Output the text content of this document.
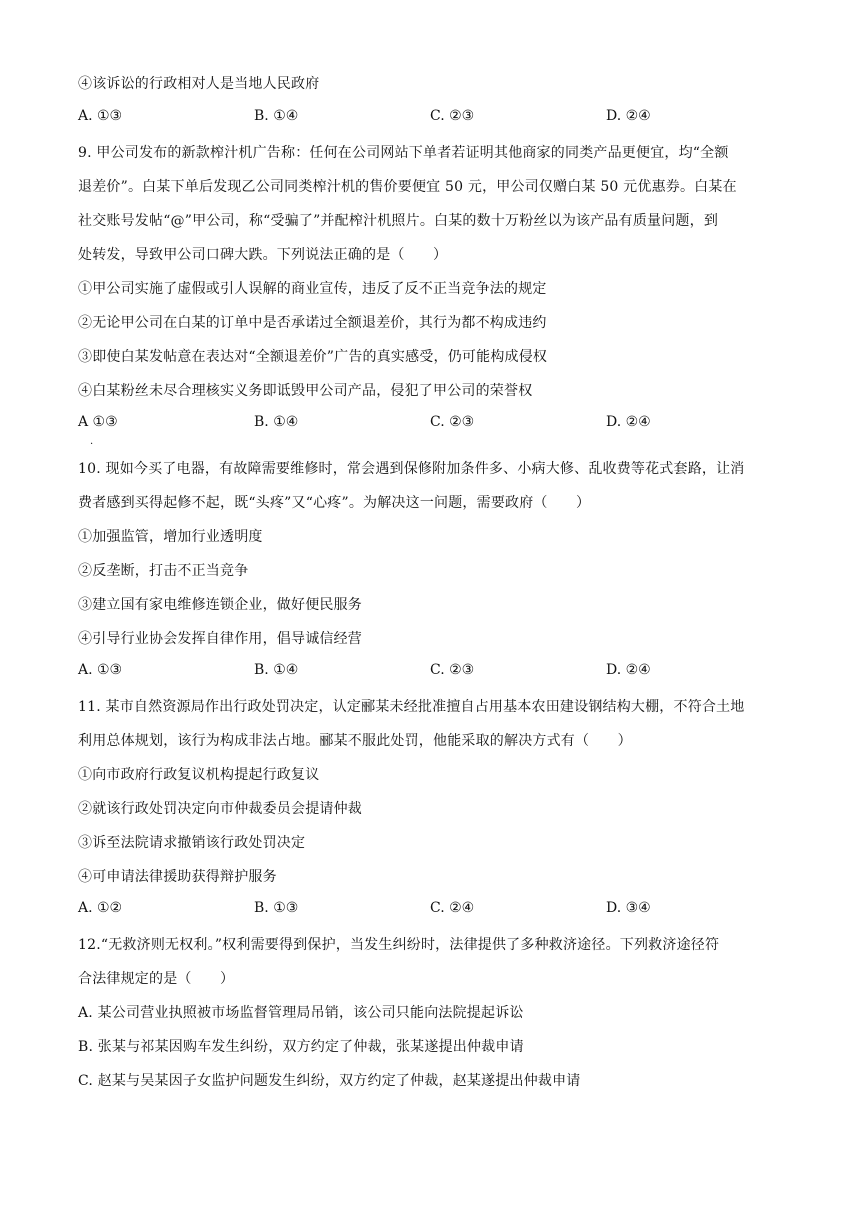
④该诉讼的行政相对人是当地人民政府
A. ①③	B. ①④	C. ②③	D. ②④
9. 甲公司发布的新款榨汁机广告称：任何在公司网站下单者若证明其他商家的同类产品更便宜，均“全额
退差价”。白某下单后发现乙公司同类榨汁机的售价要便宜 50 元，甲公司仅赠白某 50 元优惠券。白某在
社交账号发帖“@”甲公司，称“受骗了”并配榨汁机照片。白某的数十万粉丝以为该产品有质量问题，到
处转发，导致甲公司口碑大跌。下列说法正确的是（　　）
①甲公司实施了虚假或引人误解的商业宣传，违反了反不正当竞争法的规定
②无论甲公司在白某的订单中是否承诺过全额退差价，其行为都不构成违约
③即使白某发帖意在表达对“全额退差价”广告的真实感受，仍可能构成侵权
④白某粉丝未尽合理核实义务即诋毁甲公司产品，侵犯了甲公司的荣誉权
A ①③
.
B. ①④	C. ②③	D. ②④
10. 现如今买了电器，有故障需要维修时，常会遇到保修附加条件多、小病大修、乱收费等花式套路，让消
费者感到买得起修不起，既“头疼”又“心疼”。为解决这一问题，需要政府（　　）
①加强监管，增加行业透明度
②反垄断，打击不正当竞争
③建立国有家电维修连锁企业，做好便民服务
④引导行业协会发挥自律作用，倡导诚信经营
A. ①③	B. ①④	C. ②③	D. ②④
11. 某市自然资源局作出行政处罚决定，认定郦某未经批准擅自占用基本农田建设钢结构大棚，不符合土地
利用总体规划，该行为构成非法占地。郦某不服此处罚，他能采取的解决方式有（　　）
①向市政府行政复议机构提起行政复议
②就该行政处罚决定向市仲裁委员会提请仲裁
③诉至法院请求撤销该行政处罚决定
④可申请法律援助获得辩护服务
A. ①②	B. ①③	C. ②④	D. ③④
12.“无救济则无权利。”权利需要得到保护，当发生纠纷时，法律提供了多种救济途径。下列救济途径符
合法律规定的是（　　）
A. 某公司营业执照被市场监督管理局吊销，该公司只能向法院提起诉讼
B. 张某与祁某因购车发生纠纷，双方约定了仲裁，张某遂提出仲裁申请
C. 赵某与吴某因子女监护问题发生纠纷，双方约定了仲裁，赵某遂提出仲裁申请
